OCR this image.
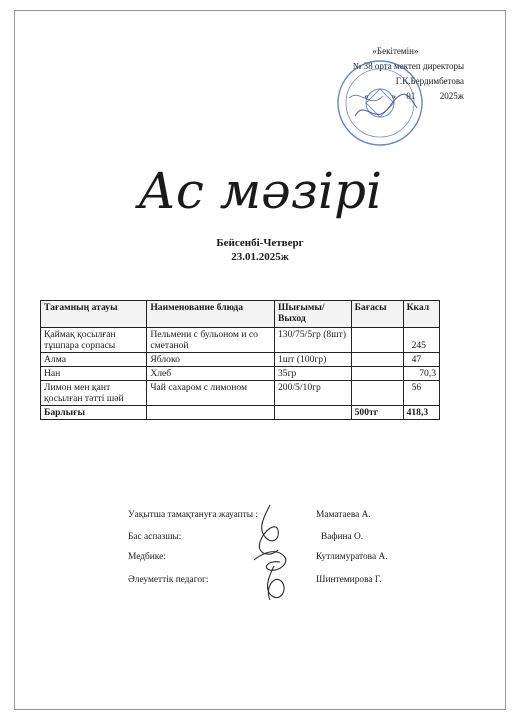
«Бекітемін»
№ 38 орта мектеп директоры
Г.К.Бердимбетова
«	» 01	2025ж
Ас мәзірі
Бейсенбі-Четверг
23.01.2025ж
Тағамның атауы	Наименование блюда	Шығымы/ Выход	Бағасы	Ккал
Қаймақ қосылған тұшпара сорпасы	Пельмени с бульоном и со сметаной	130/75/5гр (8шт)		245
Алма	Яблоко	1шт (100гр)		47
Нан	Хлеб	35гр		70,3
Лимон мен қант қосылған тәтті шәй	Чай сахаром с лимоном	200/5/10гр		56
Барлығы			500тг	418,3
Уақытша тамақтануға жауапты :	Маматаева А.
Бас аспазшы:	Вафина О.
Медбике:	Кутлимуратова А.
Әлеуметтік педагог:	Шинтемирова Г.
